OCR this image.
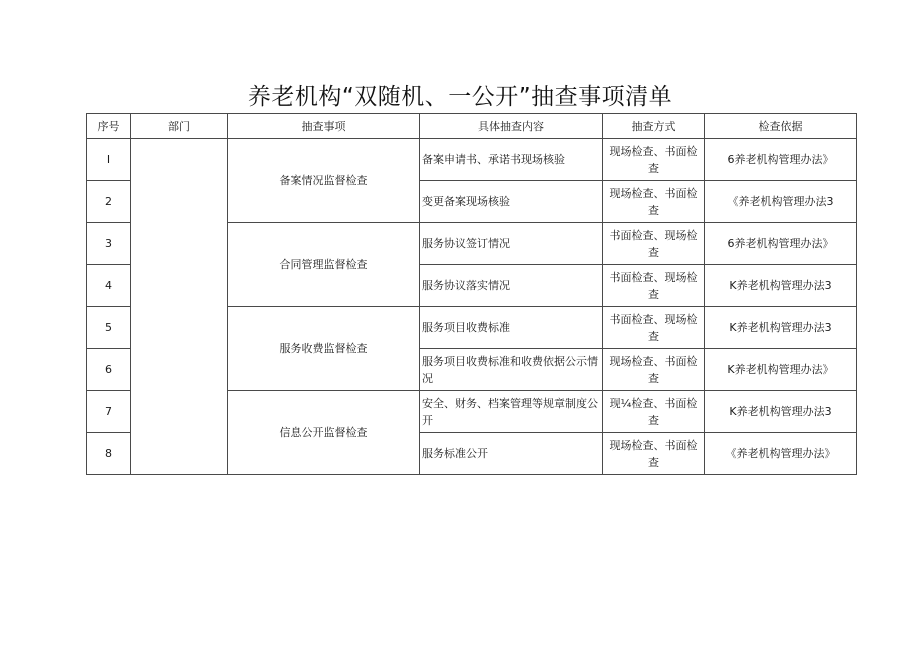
养老机构“双随机、一公开”抽查事项清单
序号	部门	抽查事项	具体抽查内容	抽查方式	检查依据
I		备案情况监督检查	备案申请书、承诺书现场核验	现场检查、书面检查	6养老机构管理办法》
2			变更备案现场核验	现场检查、书面检查	《养老机构管理办法3
3		合同管理监督检查	服务协议签订情况	书面检查、现场检查	6养老机构管理办法》
4			服务协议落实情况	书面检查、现场检查	K养老机构管理办法3
5		服务收费监督检查	服务项目收费标准	书面检查、现场检查	K养老机构管理办法3
6			服务项目收费标准和收费依据公示情况	现场检查、书面检查	K养老机构管理办法》
7		信息公开监督检查	安全、财务、档案管理等规章制度公开	现¼检查、书面检查	K养老机构管理办法3
8			服务标准公开	现场检查、书面检查	《养老机构管理办法》
